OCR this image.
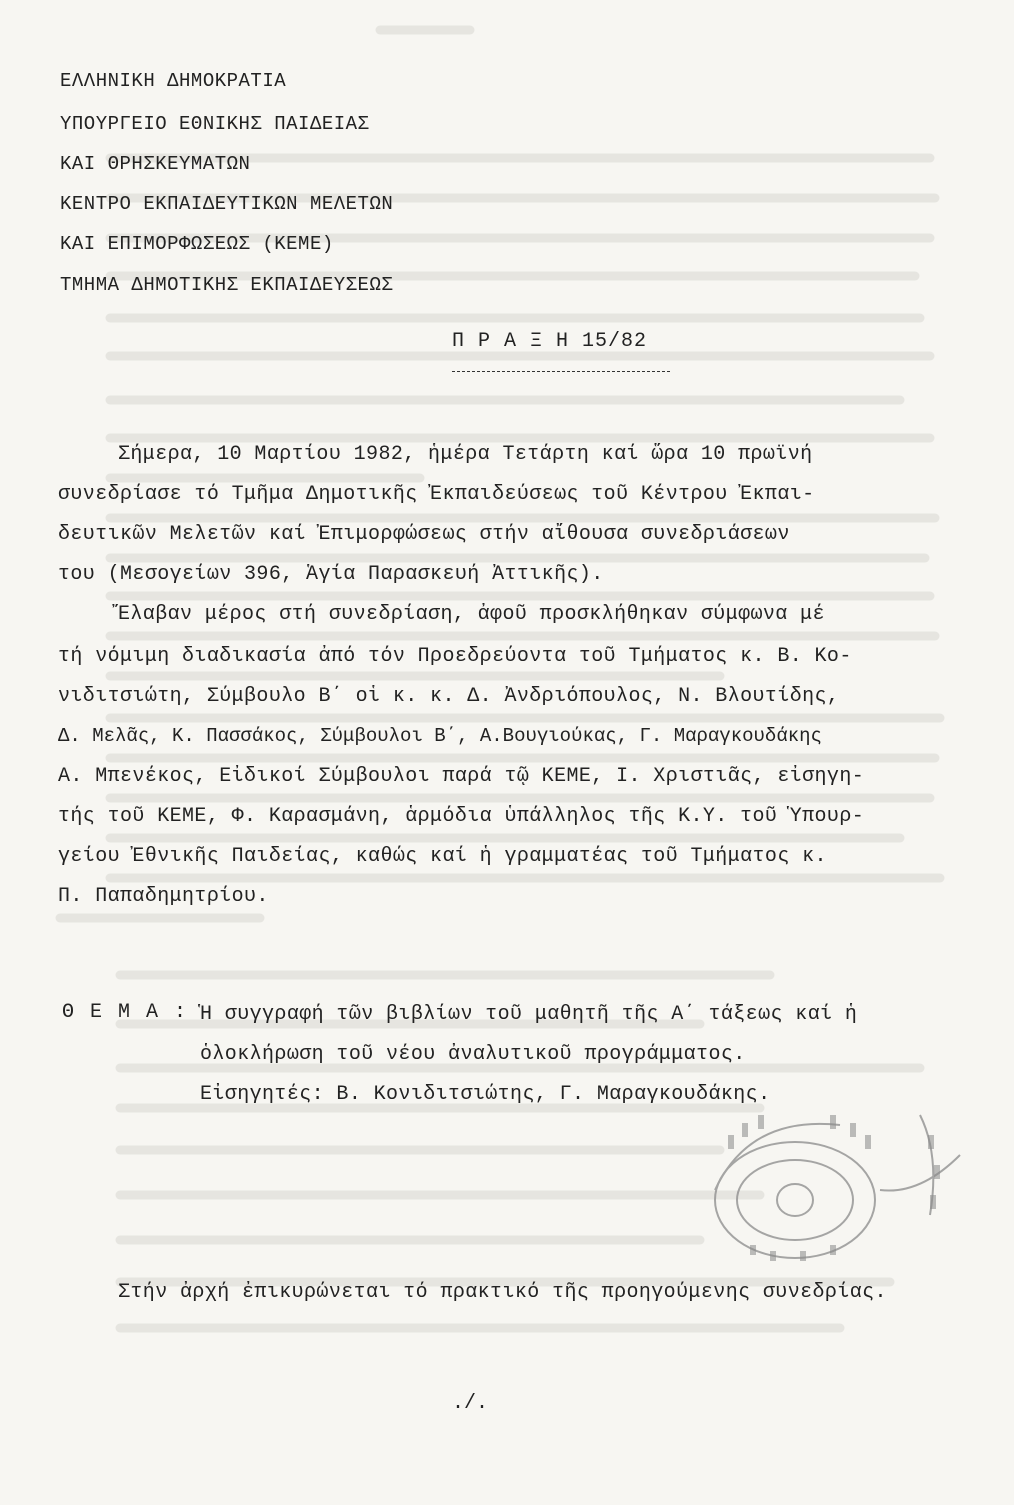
ΕΛΛΗΝΙΚΗ ΔΗΜΟΚΡΑΤΙΑ
ΥΠΟΥΡΓΕΙΟ ΕΘΝΙΚΗΣ ΠΑΙΔΕΙΑΣ
ΚΑΙ ΘΡΗΣΚΕΥΜΑΤΩΝ
ΚΕΝΤΡΟ ΕΚΠΑΙΔΕΥΤΙΚΩΝ ΜΕΛΕΤΩΝ
ΚΑΙ ΕΠΙΜΟΡΦΩΣΕΩΣ (ΚΕΜΕ)
ΤΜΗΜΑ ΔΗΜΟΤΙΚΗΣ ΕΚΠΑΙΔΕΥΣΕΩΣ
Π Ρ Α Ξ Η 15/82
Σήμερα, 10 Μαρτίου 1982, ἡμέρα Τετάρτη καί ὥρα 10 πρωϊνή
συνεδρίασε τό Τμῆμα Δημοτικῆς Ἐκπαιδεύσεως τοῦ Κέντρου Ἐκπαι-
δευτικῶν Μελετῶν καί Ἐπιμορφώσεως στήν αἴθουσα συνεδριάσεων
του (Μεσογείων 396, Ἁγία Παρασκευή Ἀττικῆς).
Ἔλαβαν μέρος στή συνεδρίαση, ἀφοῦ προσκλήθηκαν σύμφωνα μέ
τή νόμιμη διαδικασία ἀπό τόν Προεδρεύοντα τοῦ Τμήματος κ. Β. Κο-
νιδιτσιώτη, Σύμβουλο Β΄ οἱ κ. κ. Δ. Ἀνδριόπουλος, Ν. Βλουτίδης,
Δ. Μελᾶς, Κ. Πασσάκος, Σύμβουλοι Β΄, Α.Βουγιούκας, Γ. Μαραγκουδάκης
Α. Μπενέκος, Εἰδικοί Σύμβουλοι παρά τῷ ΚΕΜΕ, Ι. Χριστιᾶς, εἰσηγη-
τής τοῦ ΚΕΜΕ, Φ. Καρασμάνη, ἁρμόδια ὑπάλληλος τῆς Κ.Υ. τοῦ Ὑπουρ-
γείου Ἐθνικῆς Παιδείας, καθώς καί ἡ γραμματέας τοῦ Τμήματος κ.
Π. Παπαδημητρίου.
Θ Ε Μ Α : Ἡ συγγραφή τῶν βιβλίων τοῦ μαθητῆ τῆς Α΄ τάξεως καί ἡ
ὁλοκλήρωση τοῦ νέου ἀναλυτικοῦ προγράμματος.
Εἰσηγητές: Β. Κονιδιτσιώτης, Γ. Μαραγκουδάκης.
Στήν ἀρχή ἐπικυρώνεται τό πρακτικό τῆς προηγούμενης συνεδρίας.
./.
